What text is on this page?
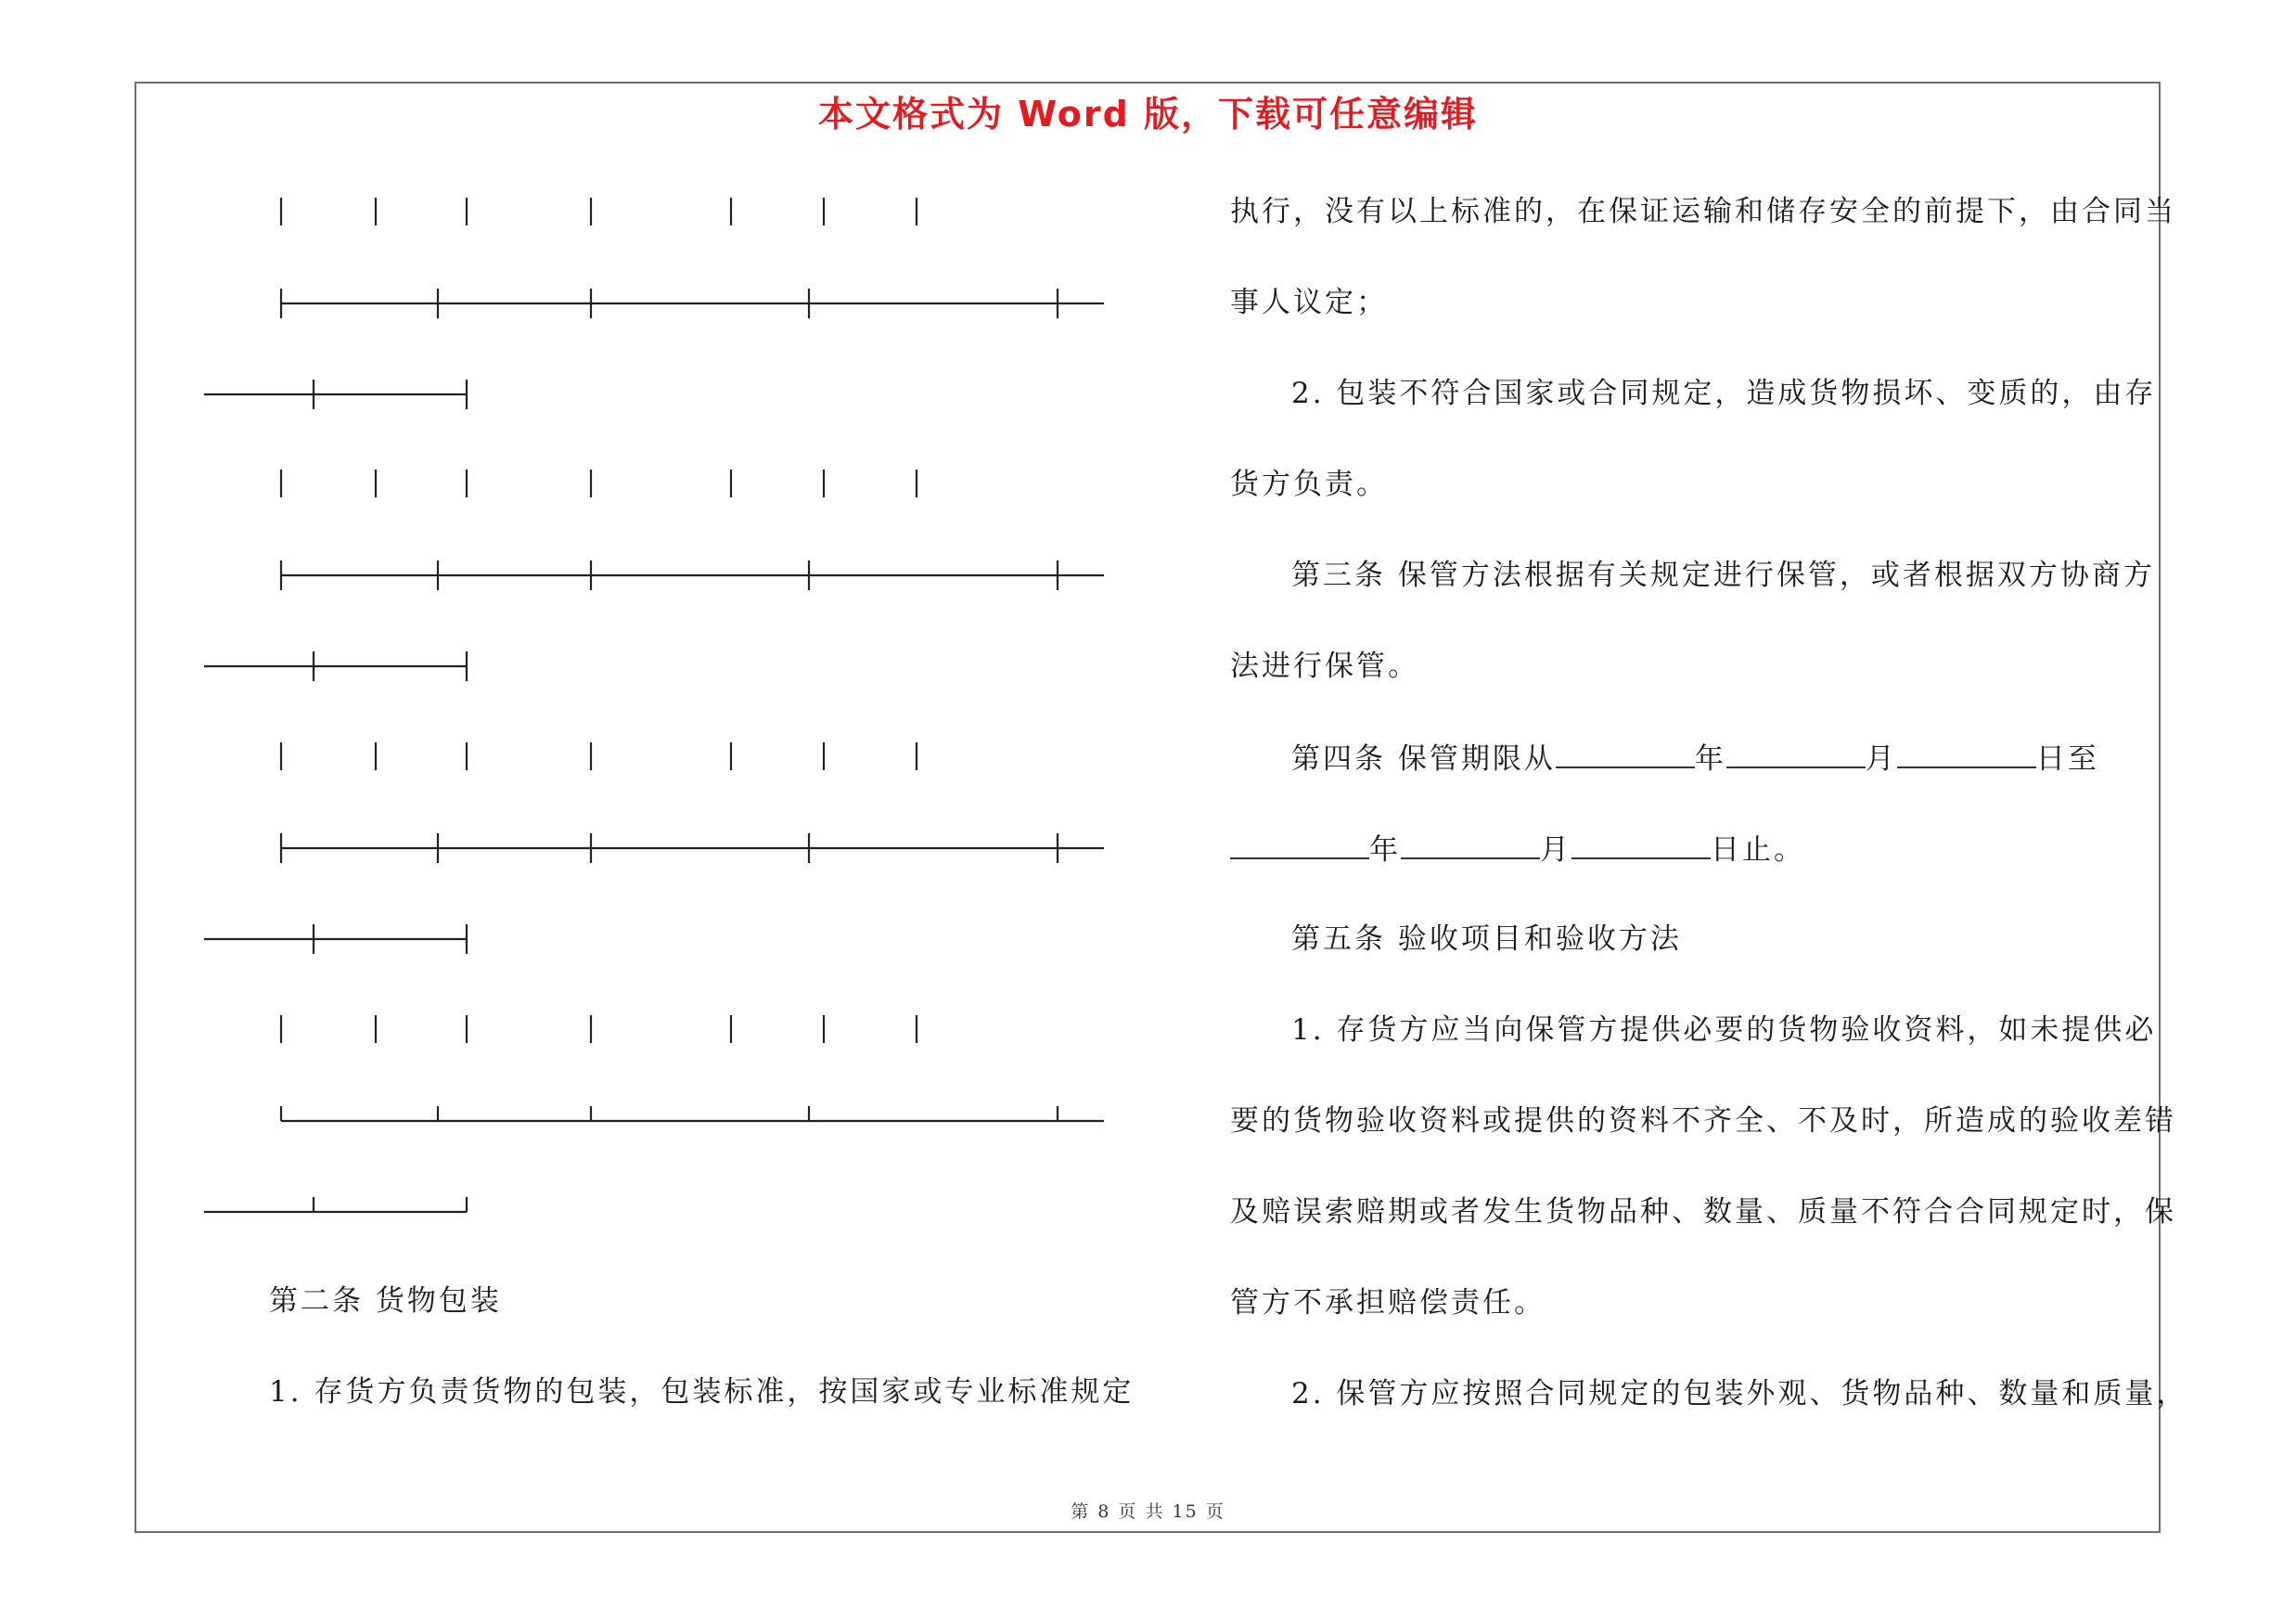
本文格式为 Word 版，下载可任意编辑
第二条 货物包装
1. 存货方负责货物的包装，包装标准，按国家或专业标准规定
执行，没有以上标准的，在保证运输和储存安全的前提下，由合同当
事人议定；
2. 包装不符合国家或合同规定，造成货物损坏、变质的，由存
货方负责。
第三条 保管方法根据有关规定进行保管，或者根据双方协商方
法进行保管。
第四条 保管期限从	年	月	日至
年	月	日止。
第五条 验收项目和验收方法
1. 存货方应当向保管方提供必要的货物验收资料，如未提供必
要的货物验收资料或提供的资料不齐全、不及时，所造成的验收差错
及赔误索赔期或者发生货物品种、数量、质量不符合合同规定时，保
管方不承担赔偿责任。
2. 保管方应按照合同规定的包装外观、货物品种、数量和质量，
第 8 页 共 15 页
